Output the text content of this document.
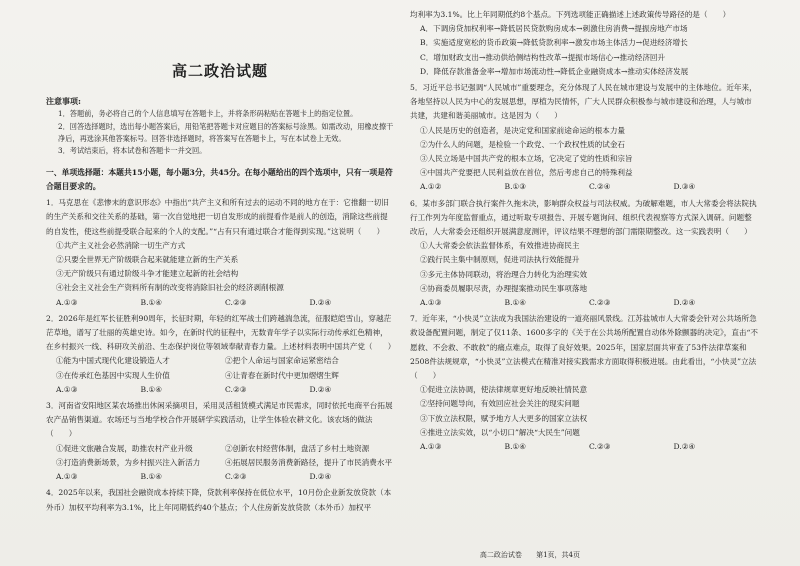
高二政治试题
注意事项:
1．答题前，务必将自己的个人信息填写在答题卡上，并将条形码粘贴在答题卡上的指定位置。
2．回答选择题时，选出每小题答案后，用铅笔把答题卡对应题目的答案标号涂黑。如需改动，用橡皮擦干净后，再选涂其他答案标号。回答非选择题时，将答案写在答题卡上，写在本试卷上无效。
3．考试结束后，将本试卷和答题卡一并交回。
一、单项选择题：本题共15小题，每小题3分，共45分。在每小题给出的四个选项中，只有一项是符合题目要求的。
1．马克思在《悲惨末的意识形态》中指出“共产主义和所有过去的运动不同的地方在于：它推翻一切旧的生产关系和交往关系的基础，第一次自觉地把一切自发形成的前提看作是前人的创造，消除这些前提的自发性，使这些前提受联合起来的个人的支配。”“占有只有通过联合才能得到实现。”这说明（　　）
①共产主义社会必然消除一切生产方式
②只要全世界无产阶级联合起来就能建立新的生产关系
③无产阶级只有通过阶级斗争才能建立起新的社会结构
④社会主义社会生产资料所有制的改变将消除旧社会的经济剥削根源
A.①③	B.①④	C.②③	D.②④
2．2026年是红军长征胜利90周年，长征时期，年轻的红军战士们跨越湍急流，征服皑皑雪山，穿越茫茫草地，谱写了壮丽的英雄史诗。如今，在新时代的征程中，无数青年学子以实际行动传承红色精神，在乡村振兴一线、科研攻关前沿、生态保护岗位等领域奉献青春力量。上述材料表明中国共产党（　　）
①能为中国式现代化建设锻造人才	②把个人命运与国家命运紧密结合
③在传承红色基因中实现人生价值	④让青春在新时代中更加熠熠生辉
A.①③	B.①④	C.②③	D.②④
3．河南省安阳地区某农场推出休闲采摘项目，采用灵活租赁模式满足市民需求，同时依托电商平台拓展农产品销售渠道。农场还与当地学校合作开展研学实践活动，让学生体验农耕文化。该农场的做法（　　）
①促进文旅融合发展，助推农村产业升级	②创新农村经营体制，盘活了乡村土地资源
③打造消费新场景，为乡村振兴注入新活力	④拓展居民服务消费新路径，提升了市民消费水平
A.①③	B.①④	C.②③	D.②④
4．2025年以来，我国社会融资成本持续下降，贷款利率保持在低位水平，10月份企业新发放贷款（本外币）加权平均利率为3.1%，比上年同期低约40个基点；个人住房新发放贷款（本外币）加权平
均利率为3.1%。比上年同期低约8个基点。下列选项能正确描述上述政策传导路径的是（　　）
A．下调房贷加权利率→降低居民贷款购房成本→刺激住房消费→提振房地产市场
B．实施适度宽松的货币政策→降低贷款利率→激发市场主体活力→促进经济增长
C．增加财政支出→推动供给侧结构性改革→提振市场信心→推动经济回升
D．降低存款准备金率→增加市场流动性→降低企业融资成本→推动实体经济发展
5．习近平总书记强调“人民城市”重要理念，充分体现了人民在城市建设与发展中的主体地位。近年来，各地坚持以人民为中心的发展思想，厚植为民情怀，广大人民群众积极参与城市建设和治理，人与城市共建，共建和谐美丽城市。这是因为（　　）
①人民是历史的创造者，是决定党和国家前途命运的根本力量
②为什么人的问题，是检验一个政党、一个政权性质的试金石
③人民立场是中国共产党的根本立场，它决定了党的性质和宗旨
④中国共产党要把人民利益放在首位，然后考虑自己的特殊利益
A.①②	B.①③	C.②④	D.③④
6．某市多部门联合执行案件久拖未决，影响群众权益与司法权威。为破解难题，市人大常委会将法院执行工作列为年度监督重点，通过听取专项报告、开展专题询问、组织代表视察等方式深入调研。问题整改后，人大常委会还组织开展满意度测评，评议结果不理想的部门需限期整改。这一实践表明（　　）
①人大常委会依法监督体系，有效推进协商民主
②践行民主集中制原则，促进司法执行效能提升
③多元主体协同联动，将治理合力转化为治理实效
④协商委员履职尽责，办理提案推动民生事项落地
A.①③	B.①④	C.②③	D.②④
7．近年来，“小快灵”立法成为我国法治建设的一道亮丽风景线。江苏盐城市人大常委会针对公共场所急救设备配置问题，制定了仅11条、1600多字的《关于在公共场所配置自动体外除颤器的决定》，直击“不愿救、不会救、不敢救”的痛点难点，取得了良好效果。2025年，国家层面共审查了53件法律草案和2508件法规规章，“小快灵”立法模式在精准对接实践需求方面取得积极进展。由此看出，“小快灵”立法（　　）
①促进立法协调，使法律规章更好地反映社情民意
②坚持问题导向，有效回应社会关注的现实问题
③下放立法权限，赋予地方人大更多的国家立法权
④推进立法实效，以“小切口”解决“大民生”问题
A.①③	B.①④	C.②③	D.②④
高二政治试卷 第1页，共4页
